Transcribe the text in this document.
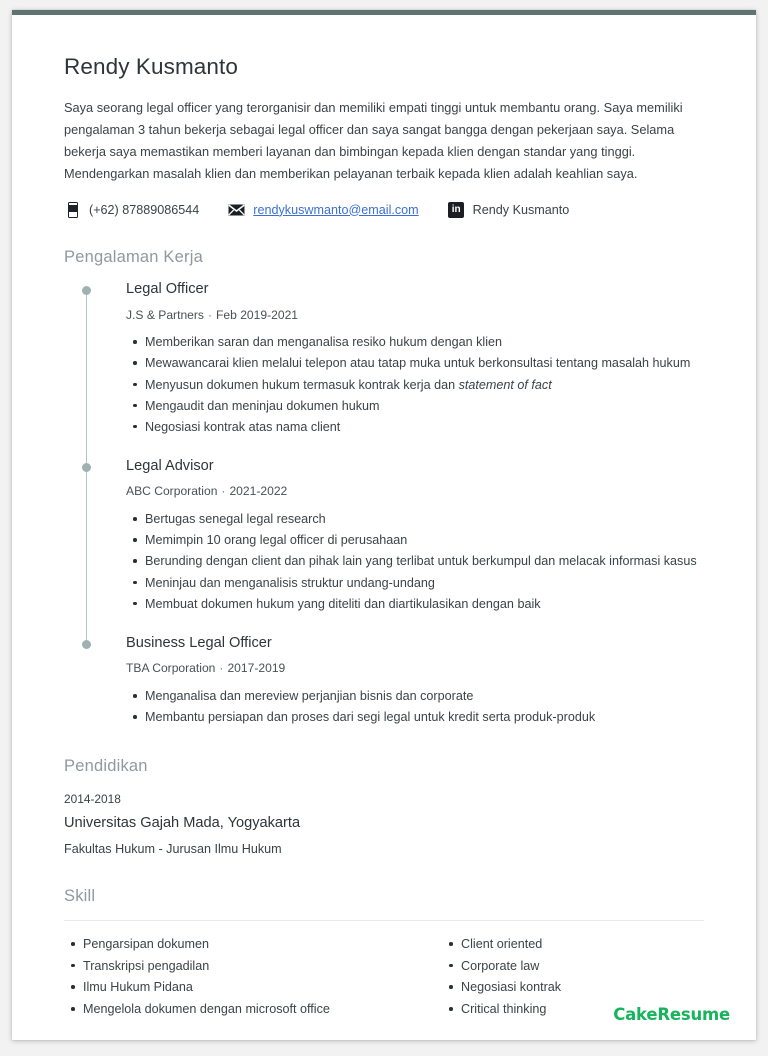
Rendy Kusmanto

Saya seorang legal officer yang terorganisir dan memiliki empati tinggi untuk membantu orang. Saya memiliki pengalaman 3 tahun bekerja sebagai legal officer dan saya sangat bangga dengan pekerjaan saya. Selama bekerja saya memastikan memberi layanan dan bimbingan kepada klien dengan standar yang tinggi. Mendengarkan masalah klien dan memberikan pelayanan terbaik kepada klien adalah keahlian saya.

(+62) 87889086544	rendykuswmanto@email.com	in Rendy Kusmanto
Pengalaman Kerja
Legal Officer

J.S & Partners · Feb 2019-2021

Memberikan saran dan menganalisa resiko hukum dengan klien
Mewawancarai klien melalui telepon atau tatap muka untuk berkonsultasi tentang masalah hukum
Menyusun dokumen hukum termasuk kontrak kerja dan statement of fact
Mengaudit dan meninjau dokumen hukum
Negosiasi kontrak atas nama client
Legal Advisor

ABC Corporation · 2021-2022

Bertugas senegal legal research
Memimpin 10 orang legal officer di perusahaan
Berunding dengan client dan pihak lain yang terlibat untuk berkumpul dan melacak informasi kasus
Meninjau dan menganalisis struktur undang-undang
Membuat dokumen hukum yang diteliti dan diartikulasikan dengan baik
Business Legal Officer

TBA Corporation · 2017-2019

Menganalisa dan mereview perjanjian bisnis dan corporate
Membantu persiapan dan proses dari segi legal untuk kredit serta produk-produk
Pendidikan

2014-2018

Universitas Gajah Mada, Yogyakarta

Fakultas Hukum - Jurusan Ilmu Hukum

Skill
Pengarsipan dokumen
Transkripsi pengadilan
Ilmu Hukum Pidana
Mengelola dokumen dengan microsoft office
Client oriented
Corporate law
Negosiasi kontrak
Critical thinking	CakeResume
